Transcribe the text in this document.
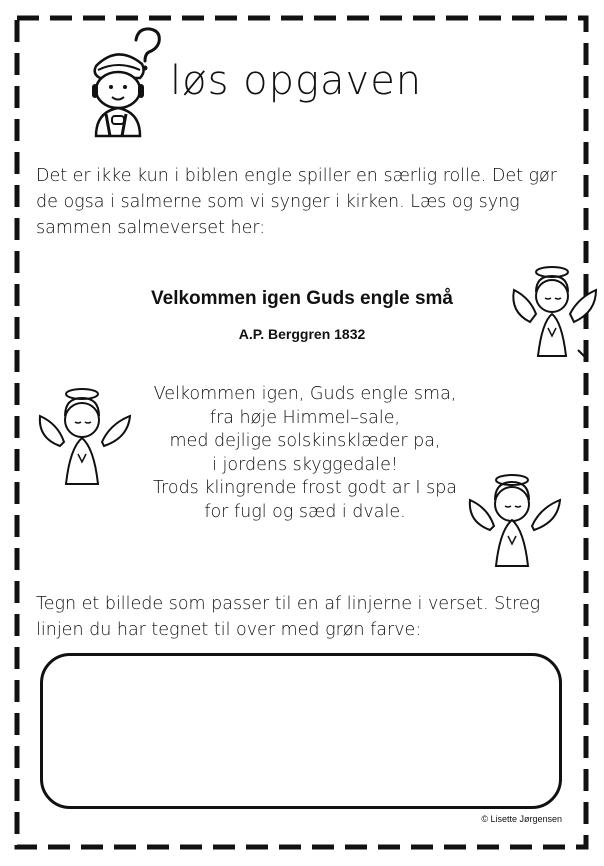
løs opgaven
Det er ikke kun i biblen engle spiller en særlig rolle. Det gør
de ogsa i salmerne som vi synger i kirken. Læs og syng
sammen salmeverset her:
Velkommen igen Guds engle små
A.P. Berggren 1832
Velkommen igen, Guds engle sma,
fra høje Himmel–sale,
med dejlige solskinsklæder pa,
i jordens skyggedale!
Trods klingrende frost godt ar I spa
for fugl og sæd i dvale.
Tegn et billede som passer til en af linjerne i verset. Streg
linjen du har tegnet til over med grøn farve:
© Lisette Jørgensen
